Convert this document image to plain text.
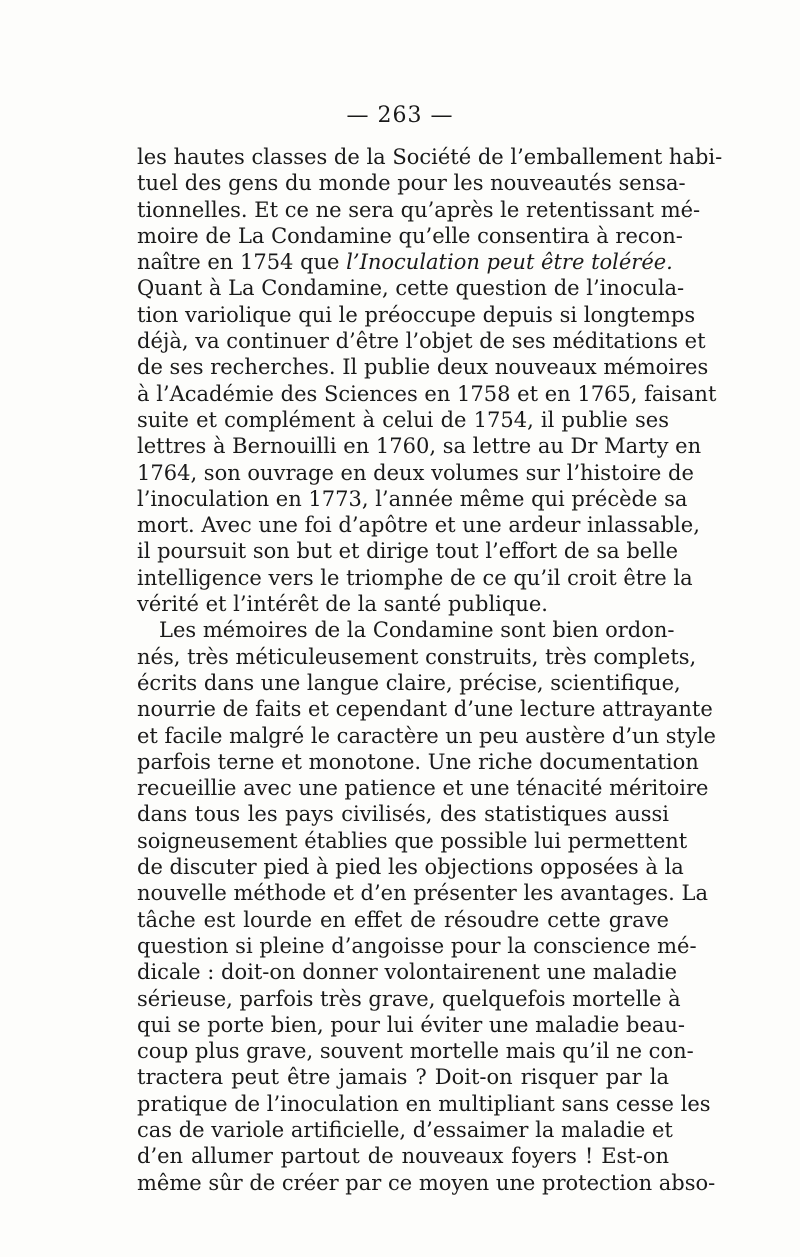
— 263 —
les hautes classes de la Société de l’emballement habi-
tuel des gens du monde pour les nouveautés sensa-
tionnelles. Et ce ne sera qu’après le retentissant mé-
moire de La Condamine qu’elle consentira à recon-
naître en 1754 que l’Inoculation peut être tolérée.
Quant à La Condamine, cette question de l’inocula-
tion variolique qui le préoccupe depuis si longtemps
déjà, va continuer d’être l’objet de ses méditations et
de ses recherches. Il publie deux nouveaux mémoires
à l’Académie des Sciences en 1758 et en 1765, faisant
suite et complément à celui de 1754, il publie ses
lettres à Bernouilli en 1760, sa lettre au Dr Marty en
1764, son ouvrage en deux volumes sur l’histoire de
l’inoculation en 1773, l’année même qui précède sa
mort. Avec une foi d’apôtre et une ardeur inlassable,
il poursuit son but et dirige tout l’effort de sa belle
intelligence vers le triomphe de ce qu’il croit être la
vérité et l’intérêt de la santé publique.
Les mémoires de la Condamine sont bien ordon-
nés, très méticuleusement construits, très complets,
écrits dans une langue claire, précise, scientifique,
nourrie de faits et cependant d’une lecture attrayante
et facile malgré le caractère un peu austère d’un style
parfois terne et monotone. Une riche documentation
recueillie avec une patience et une ténacité méritoire
dans tous les pays civilisés, des statistiques aussi
soigneusement établies que possible lui permettent
de discuter pied à pied les objections opposées à la
nouvelle méthode et d’en présenter les avantages. La
tâche est lourde en effet de résoudre cette grave
question si pleine d’angoisse pour la conscience mé-
dicale : doit-on donner volontairenent une maladie
sérieuse, parfois très grave, quelquefois mortelle à
qui se porte bien, pour lui éviter une maladie beau-
coup plus grave, souvent mortelle mais qu’il ne con-
tractera peut être jamais ? Doit-on risquer par la
pratique de l’inoculation en multipliant sans cesse les
cas de variole artificielle, d’essaimer la maladie et
d’en allumer partout de nouveaux foyers ! Est-on
même sûr de créer par ce moyen une protection abso-
